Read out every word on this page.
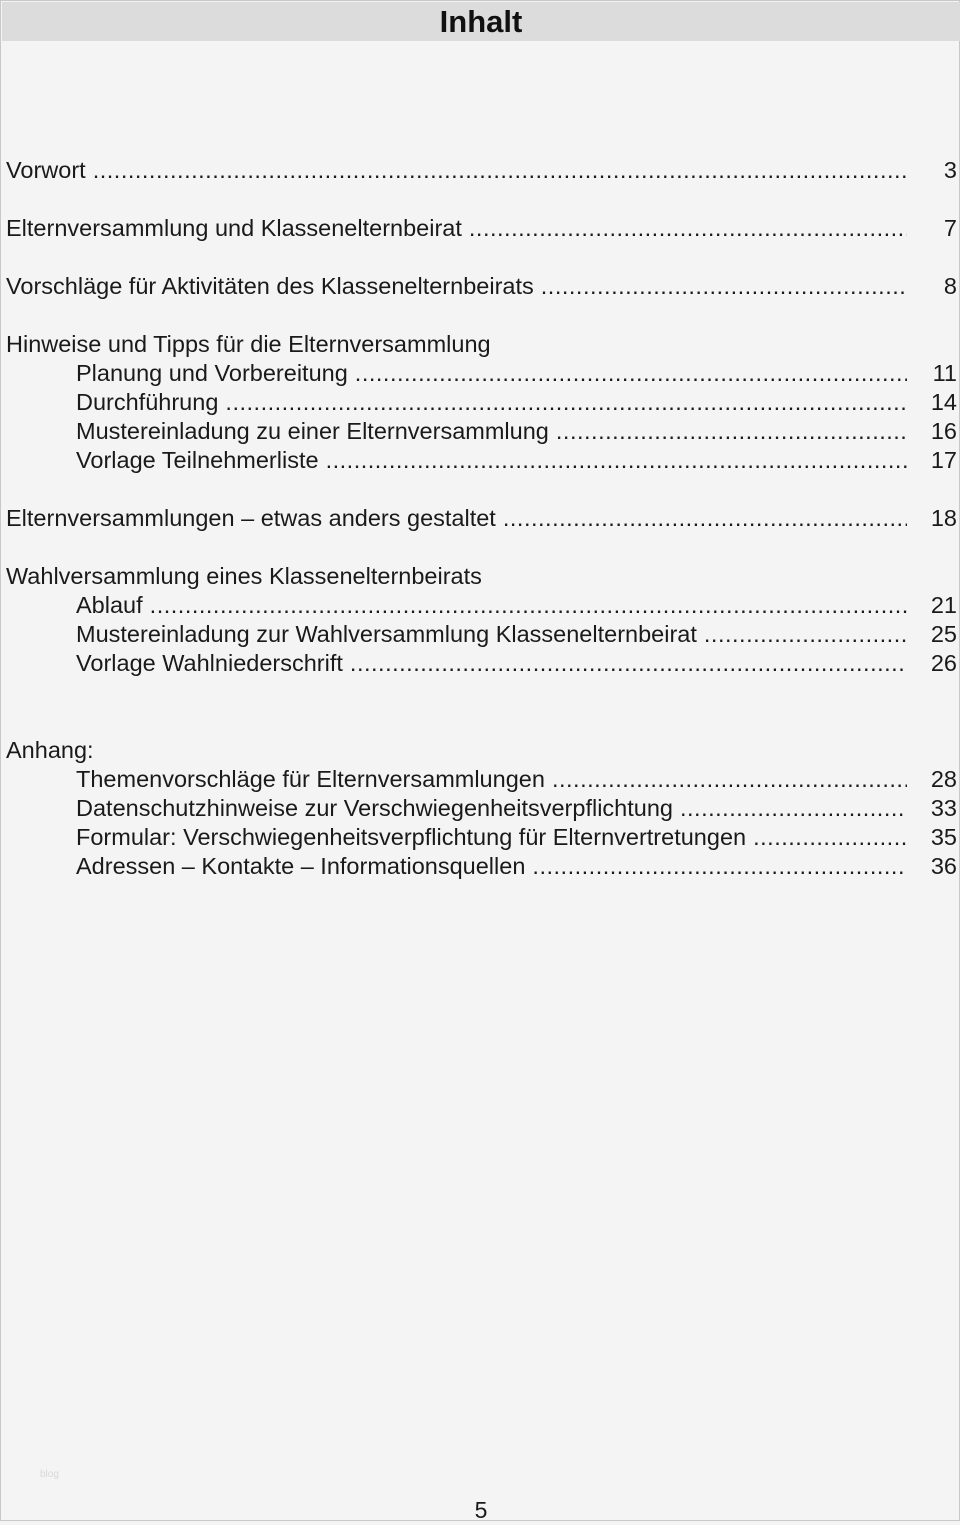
Inhalt
Vorwort .....	3
Elternversammlung und Klassenelternbeirat .....	7
Vorschläge für Aktivitäten des Klassenelternbeirats .....	8
Hinweise und Tipps für die Elternversammlung
Planung und Vorbereitung .....	11
Durchführung .....	14
Mustereinladung zu einer Elternversammlung .....	16
Vorlage Teilnehmerliste .....	17
Elternversammlungen – etwas anders gestaltet .....	18
Wahlversammlung eines Klassenelternbeirats
Ablauf .....	21
Mustereinladung zur Wahlversammlung Klassenelternbeirat .....	25
Vorlage Wahlniederschrift .....	26
Anhang:
Themenvorschläge für Elternversammlungen .....	28
Datenschutzhinweise zur Verschwiegenheitsverpflichtung .....	33
Formular: Verschwiegenheitsverpflichtung für Elternvertretungen .....	35
Adressen – Kontakte – Informationsquellen .....	36
blog
5
